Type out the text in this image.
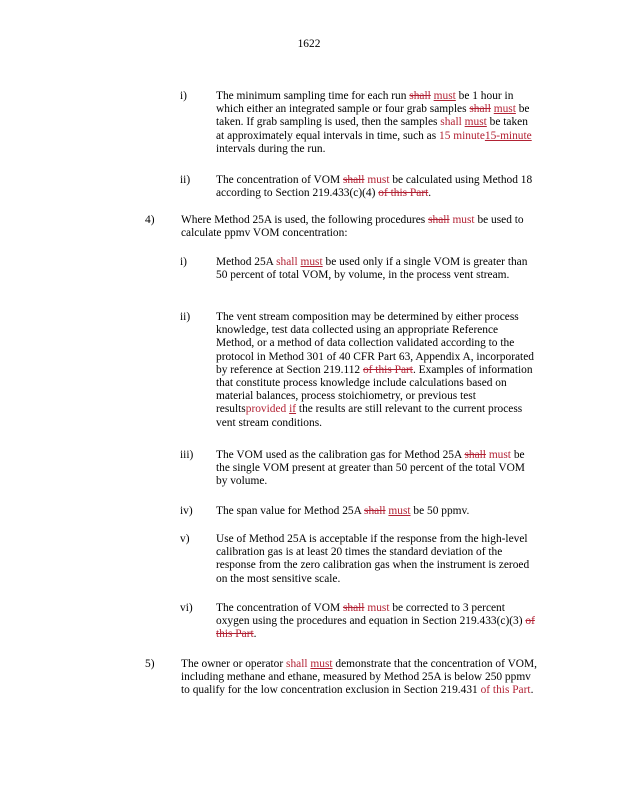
1622
i)	The minimum sampling time for each run shall must be 1 hour in which either an integrated sample or four grab samples shall must be taken. If grab sampling is used, then the samples shall must be taken at approximately equal intervals in time, such as 15 minute15-minute intervals during the run.
ii) The concentration of VOM shall must be calculated using Method 18 according to Section 219.433(c)(4) of this Part.
4) Where Method 25A is used, the following procedures shall must be used to calculate ppmv VOM concentration:
i)	Method 25A shall must be used only if a single VOM is greater than 50 percent of total VOM, by volume, in the process vent stream.
ii) The vent stream composition may be determined by either process knowledge, test data collected using an appropriate Reference Method, or a method of data collection validated according to the protocol in Method 301 of 40 CFR Part 63, Appendix A, incorporated by reference at Section 219.112 of this Part. Examples of information that constitute process knowledge include calculations based on material balances, process stoichiometry, or previous test resultsprovided if the results are still relevant to the current process vent stream conditions.
iii) The VOM used as the calibration gas for Method 25A shall must be the single VOM present at greater than 50 percent of the total VOM by volume.
iv) The span value for Method 25A shall must be 50 ppmv.
v) Use of Method 25A is acceptable if the response from the high-level calibration gas is at least 20 times the standard deviation of the response from the zero calibration gas when the instrument is zeroed on the most sensitive scale.
vi) The concentration of VOM shall must be corrected to 3 percent oxygen using the procedures and equation in Section 219.433(c)(3) of this Part.
5) The owner or operator shall must demonstrate that the concentration of VOM, including methane and ethane, measured by Method 25A is below 250 ppmv to qualify for the low concentration exclusion in Section 219.431 of this Part.
